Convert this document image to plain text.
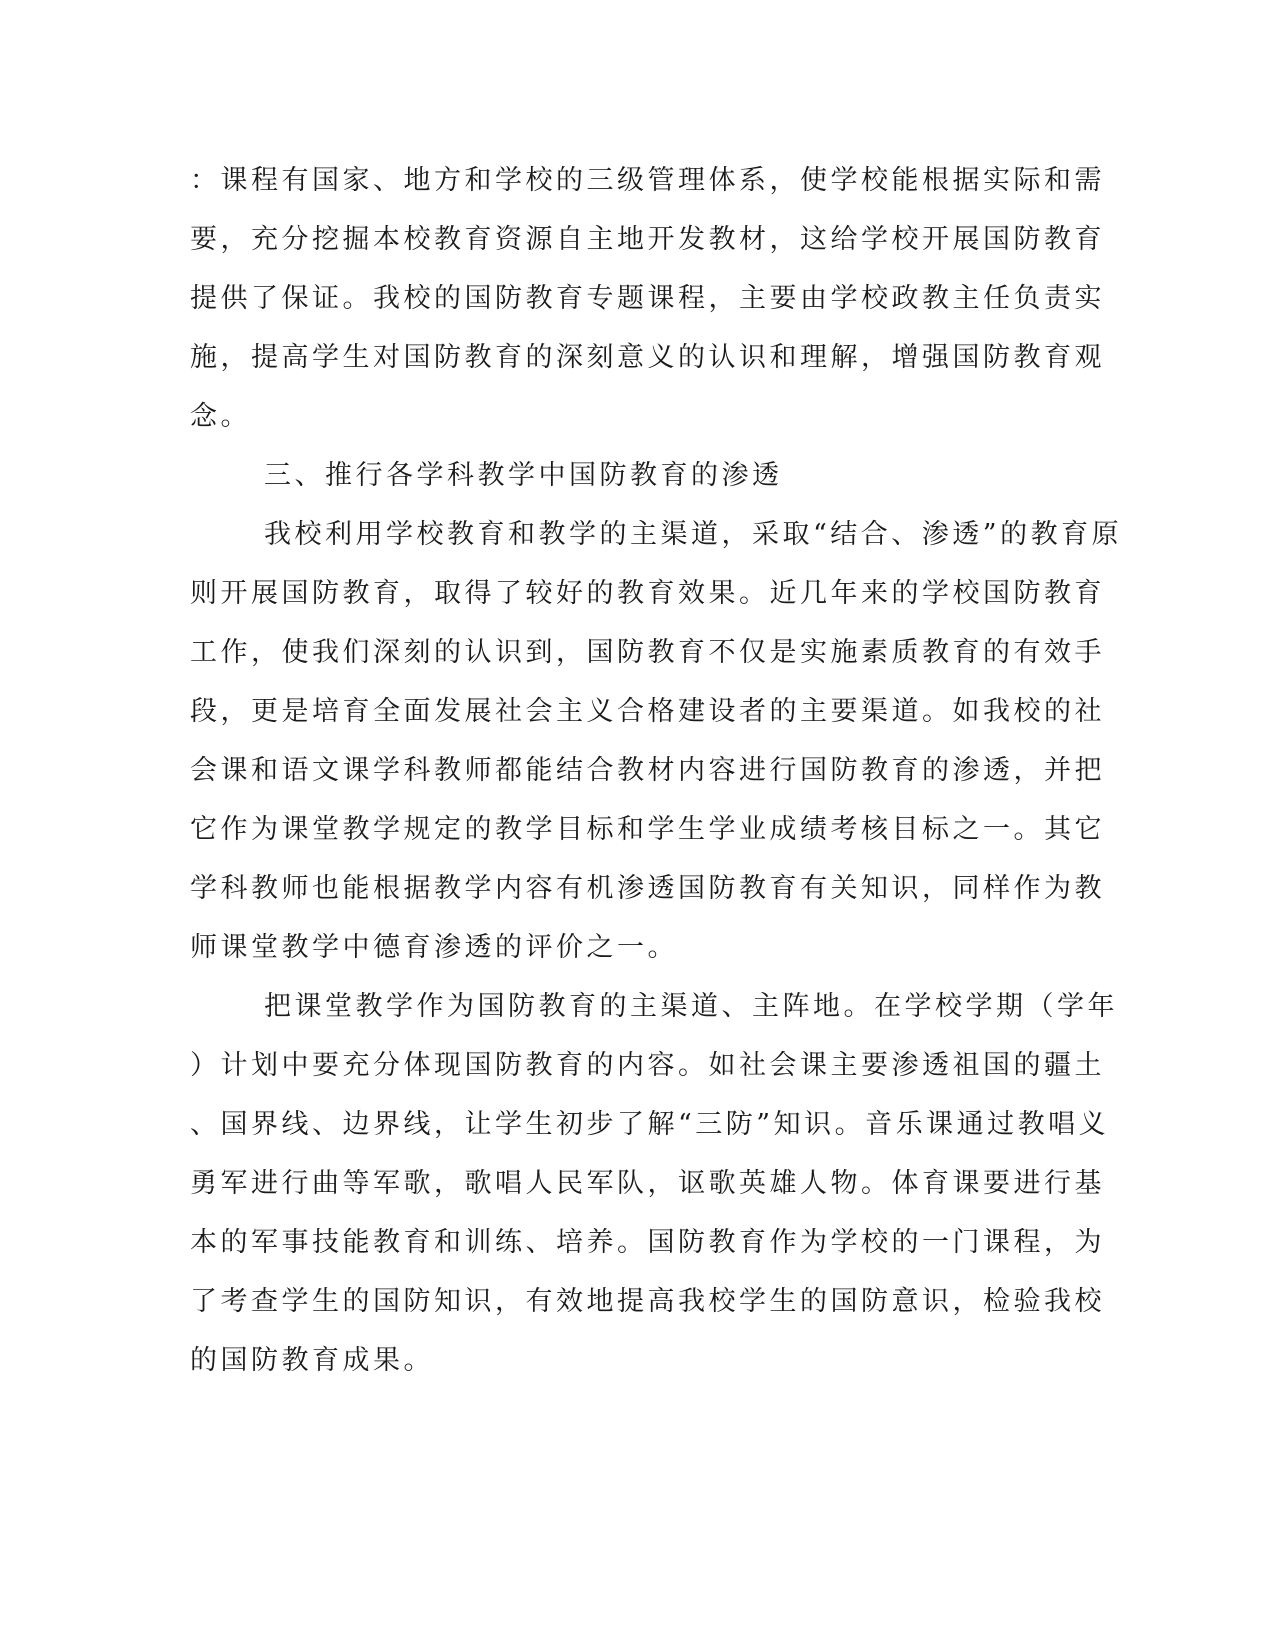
：课程有国家、地方和学校的三级管理体系，使学校能根据实际和需
要，充分挖掘本校教育资源自主地开发教材，这给学校开展国防教育
提供了保证。我校的国防教育专题课程，主要由学校政教主任负责实
施，提高学生对国防教育的深刻意义的认识和理解，增强国防教育观
念。
三、推行各学科教学中国防教育的渗透
我校利用学校教育和教学的主渠道，采取“结合、渗透”的教育原
则开展国防教育，取得了较好的教育效果。近几年来的学校国防教育
工作，使我们深刻的认识到，国防教育不仅是实施素质教育的有效手
段，更是培育全面发展社会主义合格建设者的主要渠道。如我校的社
会课和语文课学科教师都能结合教材内容进行国防教育的渗透，并把
它作为课堂教学规定的教学目标和学生学业成绩考核目标之一。其它
学科教师也能根据教学内容有机渗透国防教育有关知识，同样作为教
师课堂教学中德育渗透的评价之一。
把课堂教学作为国防教育的主渠道、主阵地。在学校学期（学年
）计划中要充分体现国防教育的内容。如社会课主要渗透祖国的疆土
、国界线、边界线，让学生初步了解“三防”知识。音乐课通过教唱义
勇军进行曲等军歌，歌唱人民军队，讴歌英雄人物。体育课要进行基
本的军事技能教育和训练、培养。国防教育作为学校的一门课程，为
了考查学生的国防知识，有效地提高我校学生的国防意识，检验我校
的国防教育成果。
